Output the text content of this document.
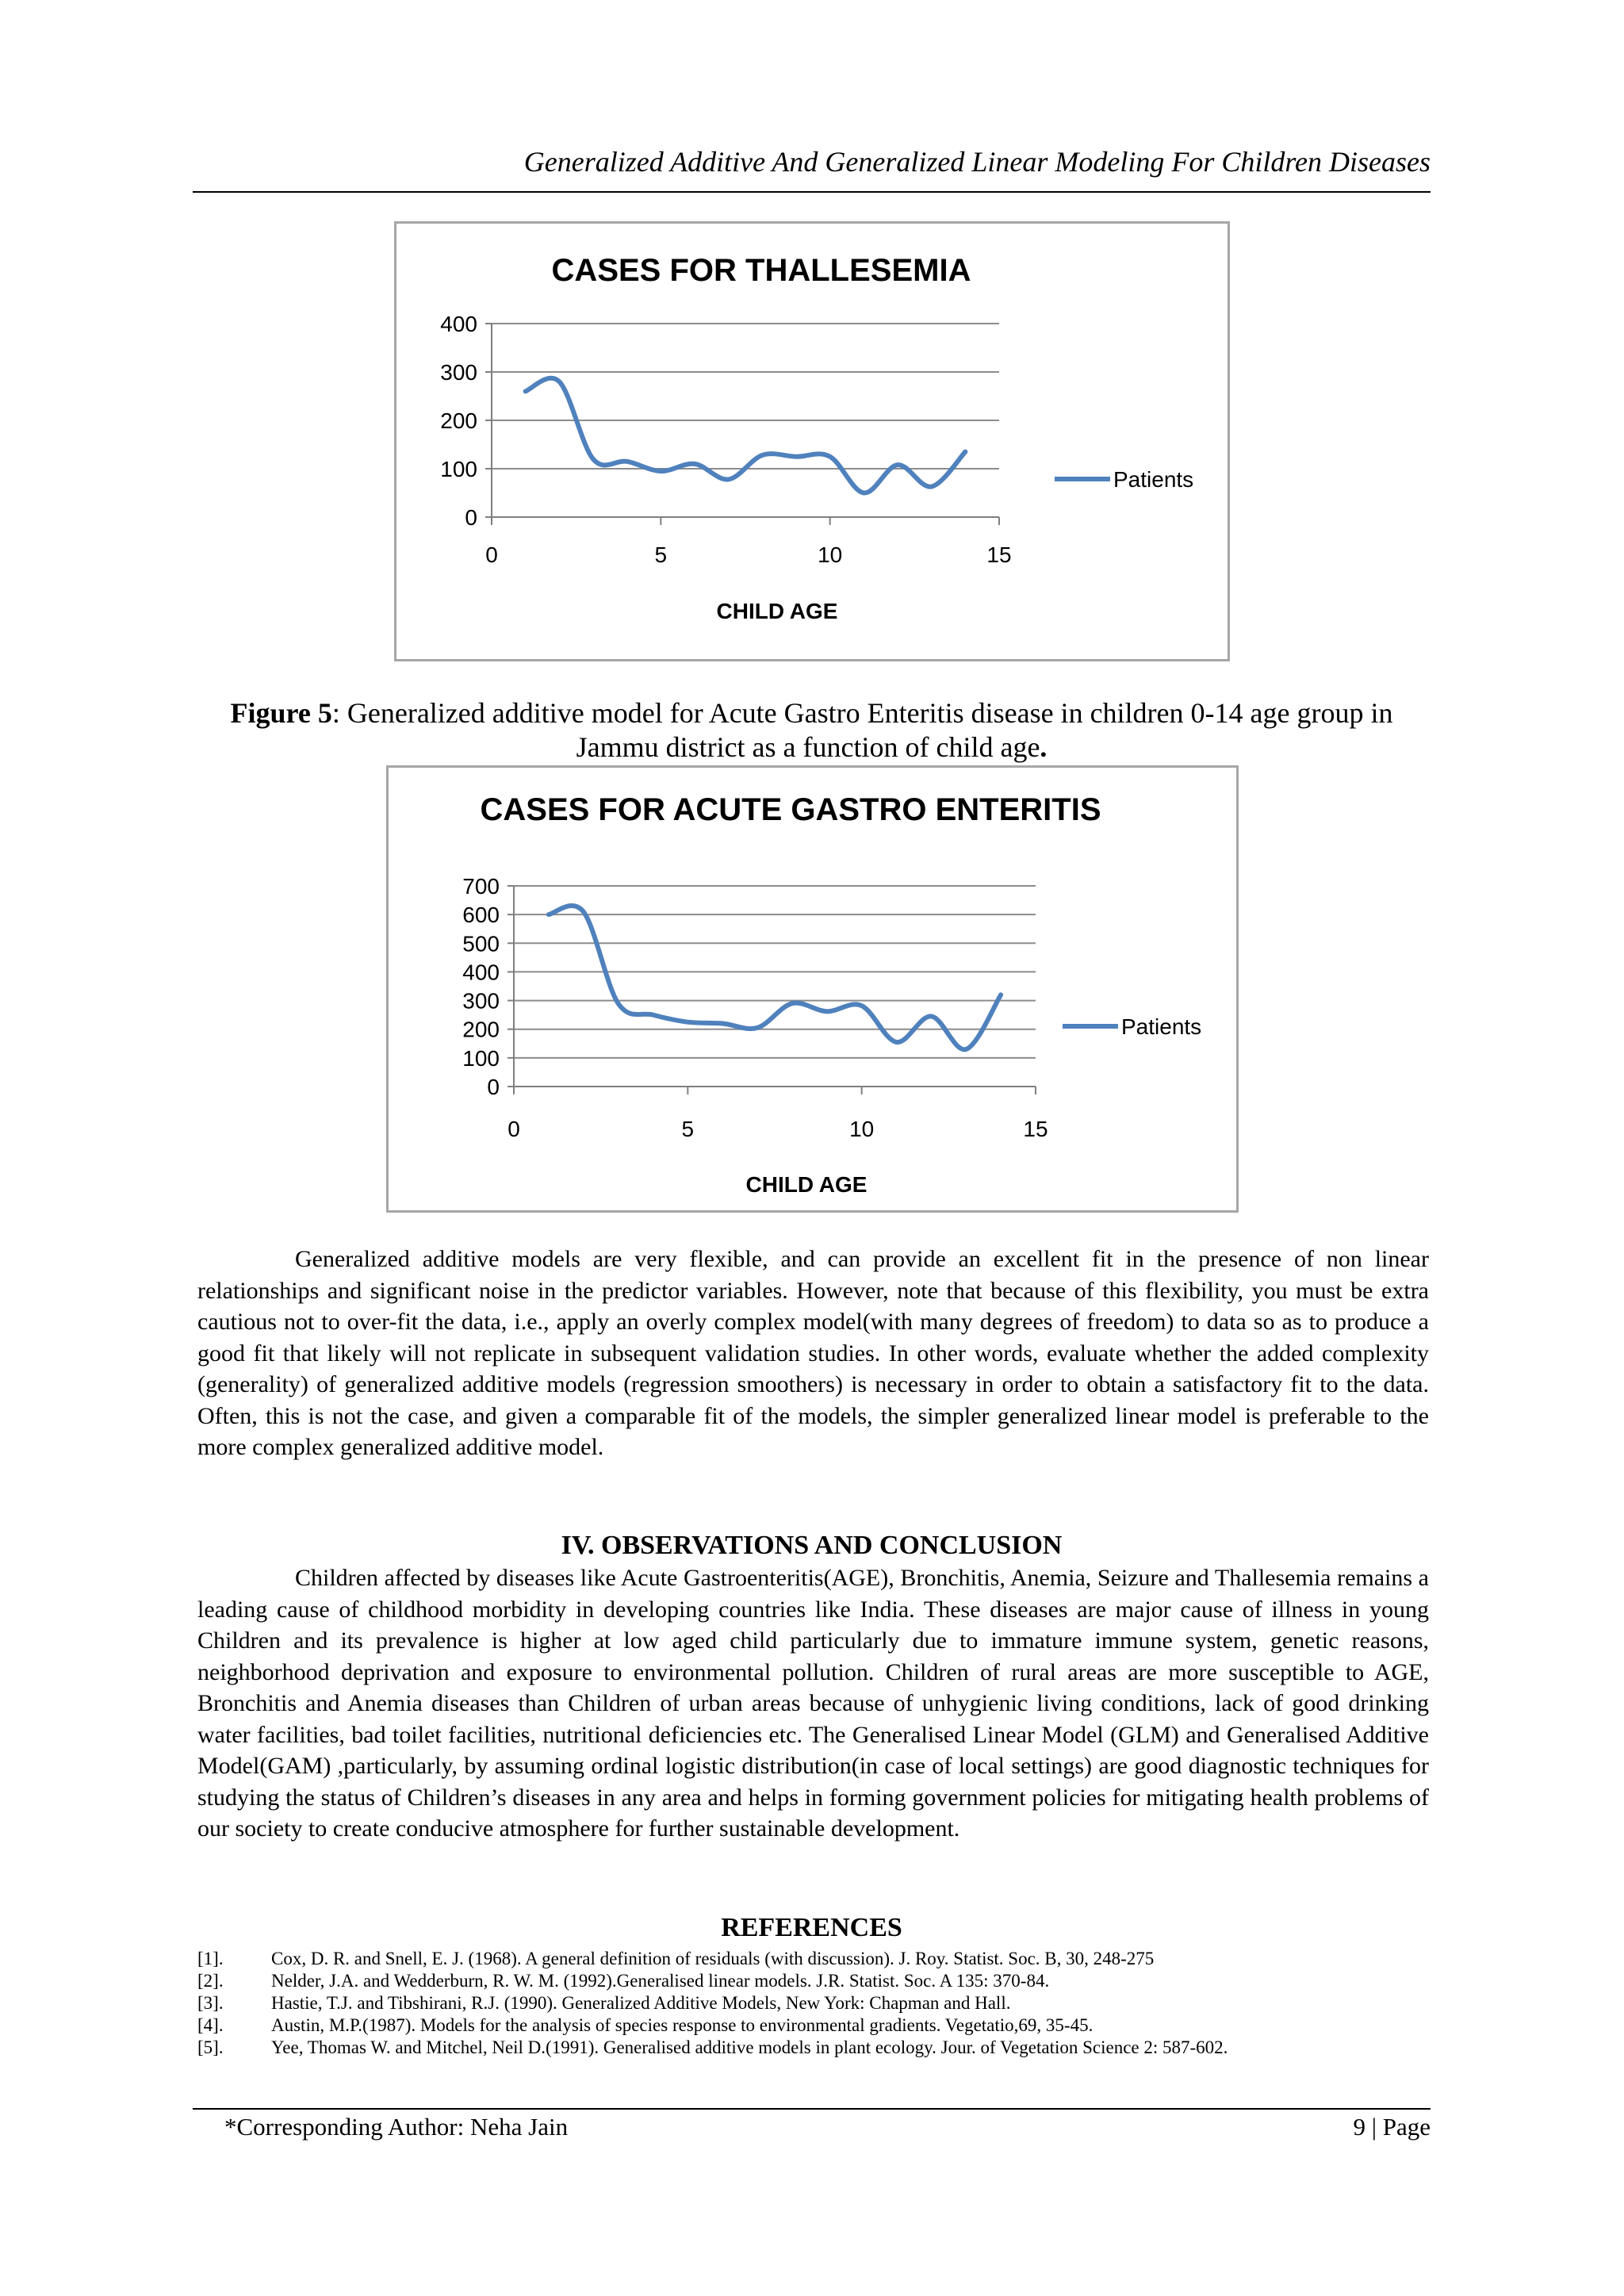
Generalized Additive And Generalized Linear Modeling For Children Diseases
CASES FOR THALLESEMIA
0
100
200
300
400
0	5	10	15
CHILD AGE
Patients
Figure 5: Generalized additive model for Acute Gastro Enteritis disease in children 0-14 age group in Jammu district as a function of child age.
CASES FOR ACUTE GASTRO ENTERITIS
0
100
200
300
400
500
600
700
0	5	10	15
CHILD AGE
Patients

Generalized additive models are very flexible, and can provide an excellent fit in the presence of non linear relationships and significant noise in the predictor variables. However, note that because of this flexibility, you must be extra cautious not to over-fit the data, i.e., apply an overly complex model(with many degrees of freedom) to data so as to produce a good fit that likely will not replicate in subsequent validation studies. In other words, evaluate whether the added complexity (generality) of generalized additive models (regression smoothers) is necessary in order to obtain a satisfactory fit to the data. Often, this is not the case, and given a comparable fit of the models, the simpler generalized linear model is preferable to the more complex generalized additive model.

IV. OBSERVATIONS AND CONCLUSION

Children affected by diseases like Acute Gastroenteritis(AGE), Bronchitis, Anemia, Seizure and Thallesemia remains a leading cause of childhood morbidity in developing countries like India. These diseases are major cause of illness in young Children and its prevalence is higher at low aged child particularly due to immature immune system, genetic reasons, neighborhood deprivation and exposure to environmental pollution. Children of rural areas are more susceptible to AGE, Bronchitis and Anemia diseases than Children of urban areas because of unhygienic living conditions, lack of good drinking water facilities, bad toilet facilities, nutritional deficiencies etc. The Generalised Linear Model (GLM) and Generalised Additive Model(GAM) ,particularly, by assuming ordinal logistic distribution(in case of local settings) are good diagnostic techniques for studying the status of Children’s diseases in any area and helps in forming government policies for mitigating health problems of our society to create conducive atmosphere for further sustainable development.

REFERENCES
[1].	Cox, D. R. and Snell, E. J. (1968). A general definition of residuals (with discussion). J. Roy. Statist. Soc. B, 30, 248-275
[2].	Nelder, J.A. and Wedderburn, R. W. M. (1992).Generalised linear models. J.R. Statist. Soc. A 135: 370-84.
[3].	Hastie, T.J. and Tibshirani, R.J. (1990). Generalized Additive Models, New York: Chapman and Hall.
[4].	Austin, M.P.(1987). Models for the analysis of species response to environmental gradients. Vegetatio,69, 35-45.
[5].	Yee, Thomas W. and Mitchel, Neil D.(1991). Generalised additive models in plant ecology. Jour. of Vegetation Science 2: 587-602.
*Corresponding Author: Neha Jain	9 | Page
